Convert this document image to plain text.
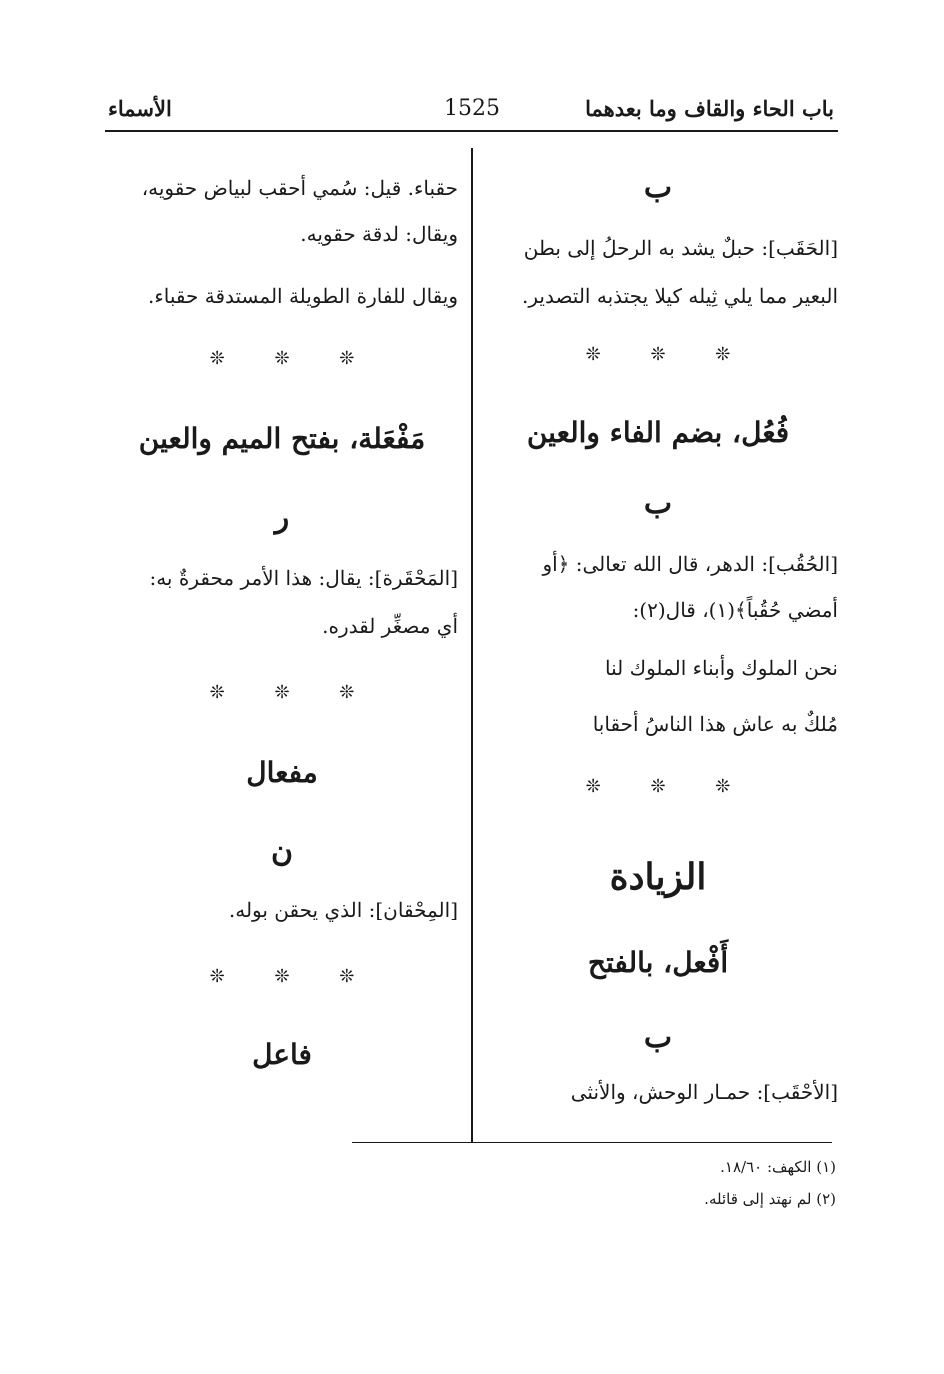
باب الحاء والقاف وما بعدهما
1525
الأسماء
ب
[الحَقَب]: حبلٌ يشد به الرحلُ إلى بطن
البعير مما يلي ثِيله كيلا يجتذبه التصدير.
❊ ❊ ❊
فُعُل، بضم الفاء والعين
ب
[الحُقُب]: الدهر، قال الله تعالى: ﴿أو
أمضي حُقُباً﴾(١)، قال(٢):
نحن الملوك وأبناء الملوك لنا
مُلكٌ به عاش هذا الناسُ أحقابا
❊ ❊ ❊
الزيادة
أَفْعل، بالفتح
ب
[الأحْقَب]: حمـار الوحش، والأنثى
حقباء. قيل: سُمي أحقب لبياض حقويه،
ويقال: لدقة حقويه.
ويقال للفارة الطويلة المستدقة حقباء.
❊ ❊ ❊
مَفْعَلة، بفتح الميم والعين
ر
[المَحْقَرة]: يقال: هذا الأمر محقرةٌ به:
أي مصغِّر لقدره.
❊ ❊ ❊
مفعال
ن
[المِحْقان]: الذي يحقن بوله.
❊ ❊ ❊
فاعل
(١) الكهف: ١٨/٦٠.
(٢) لم نهتد إلى قائله.
